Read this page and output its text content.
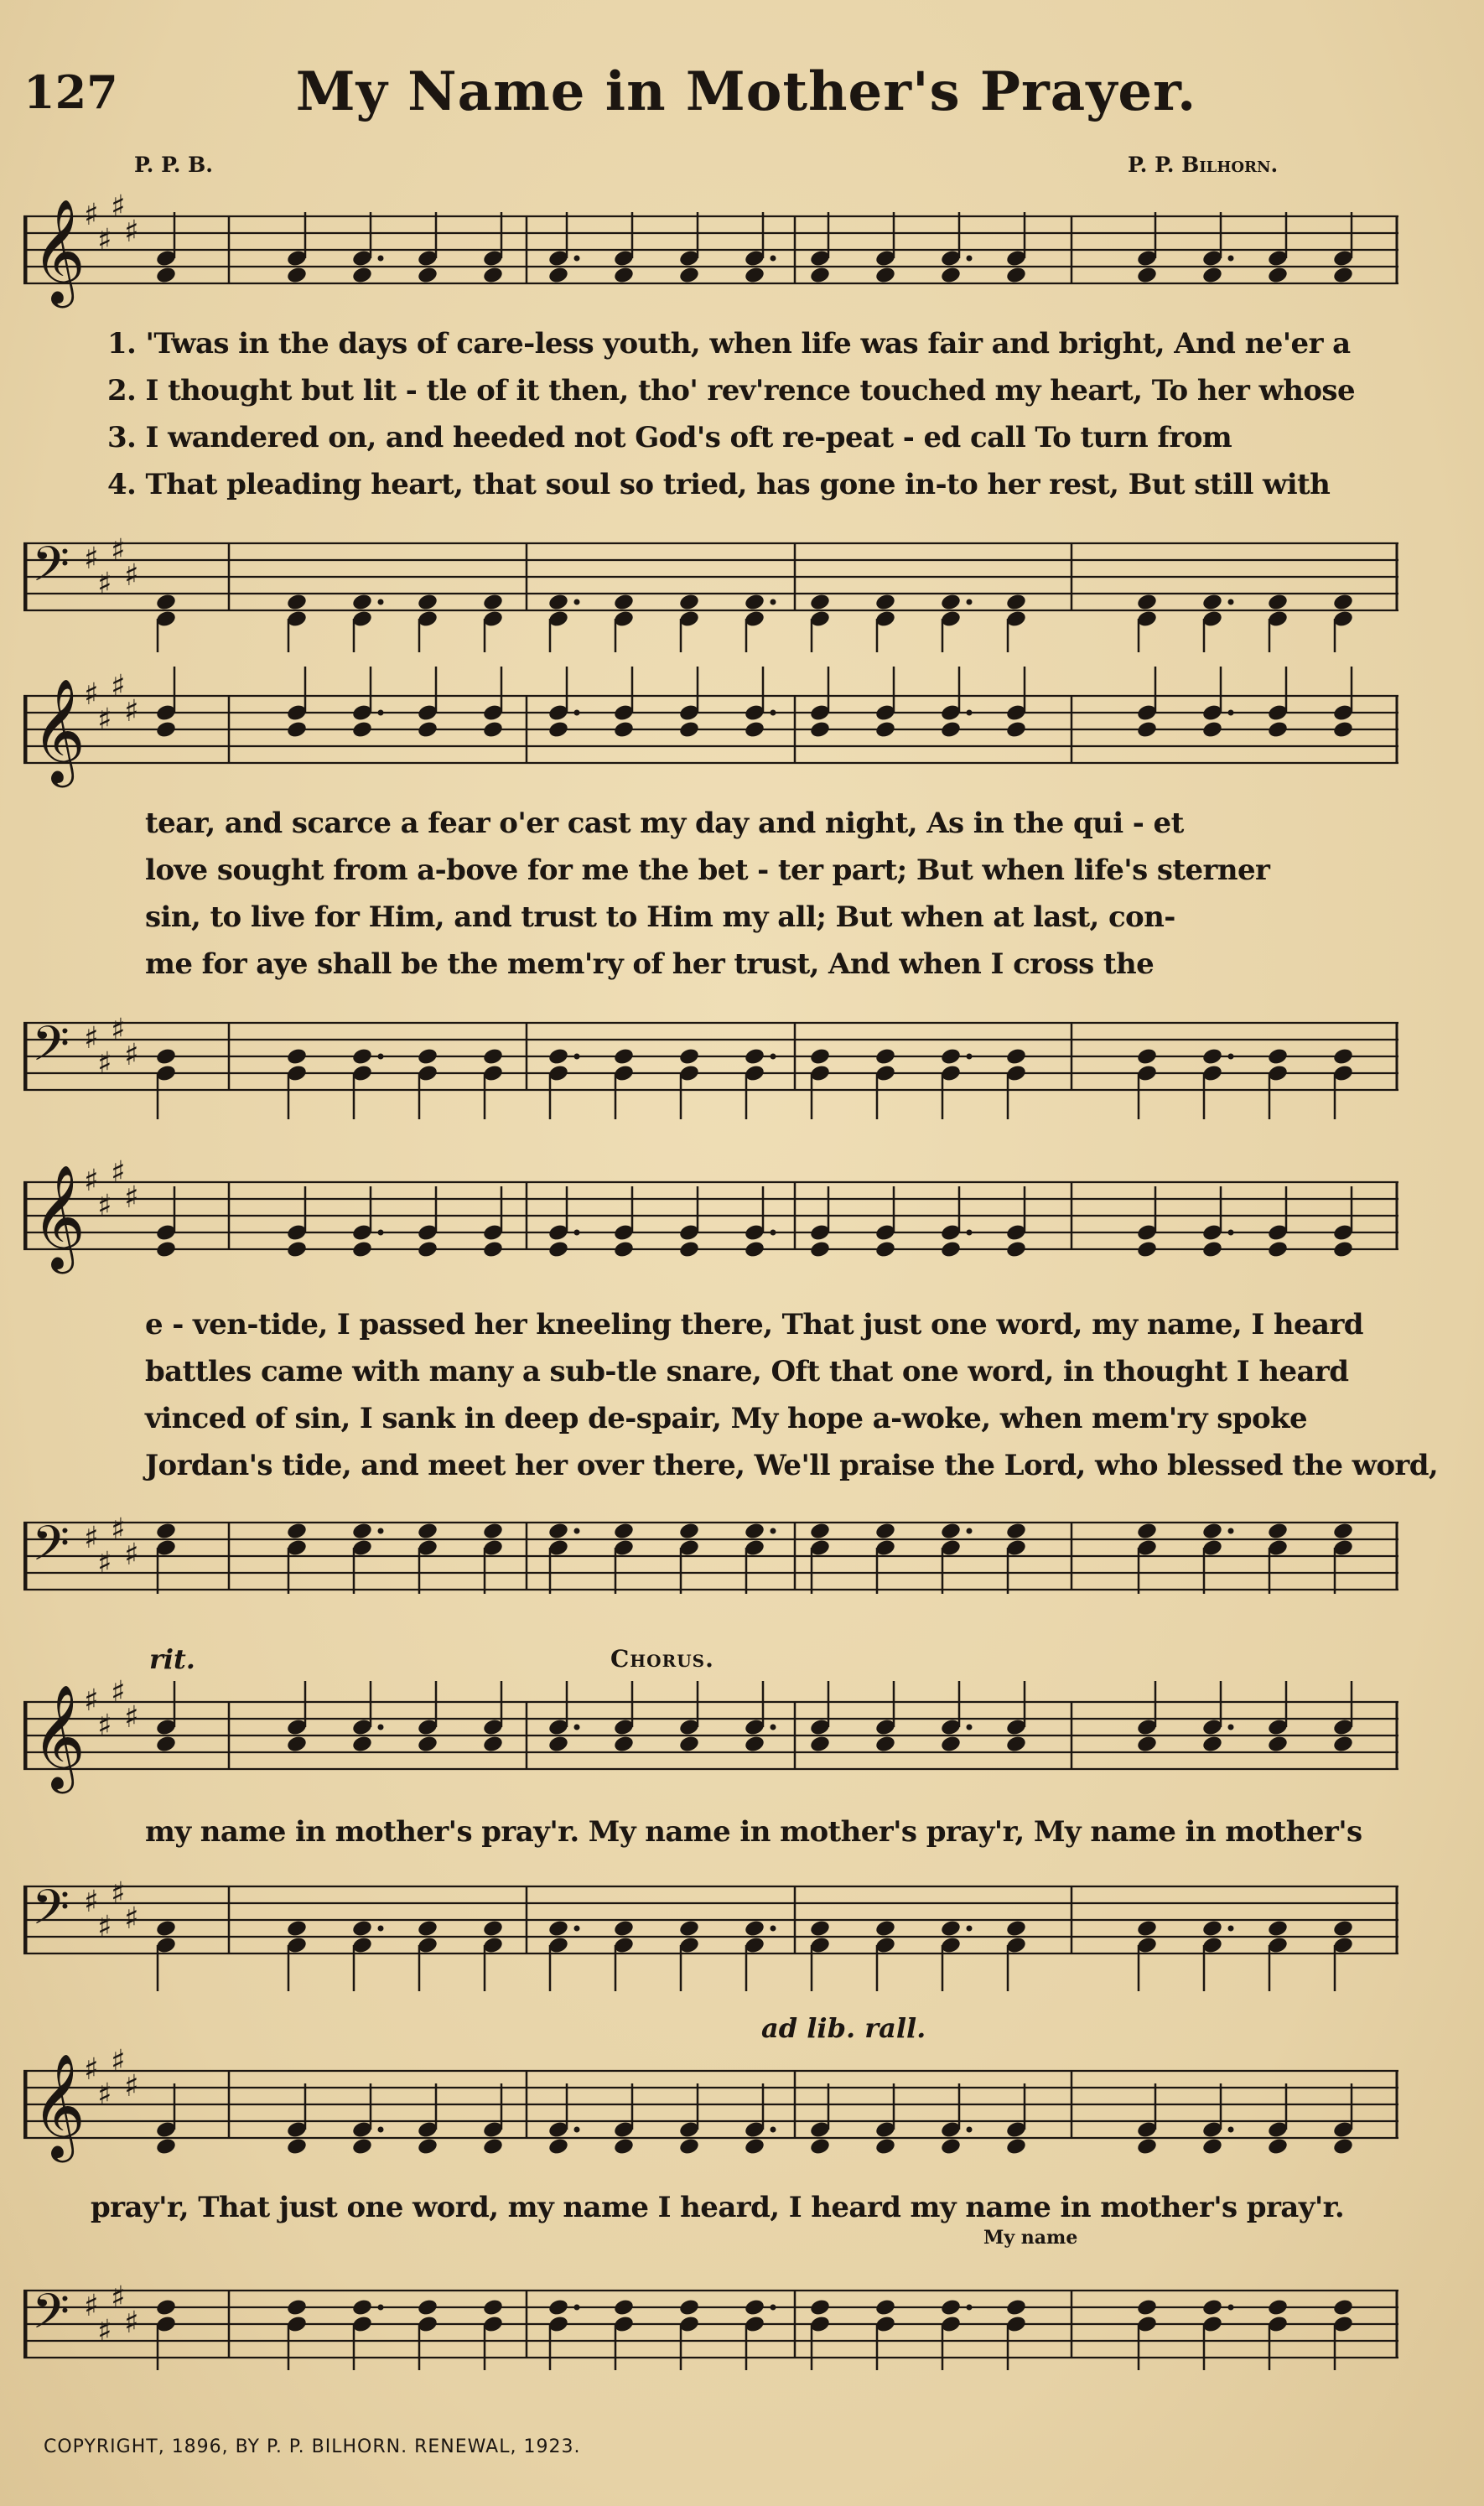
127	My Name in Mother's Prayer.
P. P. B.	P. P. Bilhorn.
𝄞
♯
♯
♯
♯
1. 'Twas in the days of care-less youth, when life was fair and bright, And ne'er a
2. I thought but lit - tle of it then, tho' rev'rence touched my heart, To her whose
3. I wandered on, and heeded not God's oft re-peat - ed call To turn from
4. That pleading heart, that soul so tried, has gone in-to her rest, But still with
𝄢 ♯
♯
♯
♯
𝄞
♯
♯
♯
♯
tear, and scarce a fear o'er cast my day and night, As in the qui - et
love sought from a-bove for me the bet - ter part; But when life's sterner
sin, to live for Him, and trust to Him my all; But when at last, con-
me for aye shall be the mem'ry of her trust, And when I cross the
𝄢 ♯
♯
♯
♯
𝄞
♯
♯
♯
♯
e - ven-tide, I passed her kneeling there, That just one word, my name, I heard
battles came with many a sub-tle snare, Oft that one word, in thought I heard
vinced of sin, I sank in deep de-spair, My hope a-woke, when mem'ry spoke
Jordan's tide, and meet her over there, We'll praise the Lord, who blessed the word,
𝄢 ♯
♯
♯
♯
rit.	Chorus.
𝄞
♯
♯
♯
♯
my name in mother's pray'r. My name in mother's pray'r, My name in mother's
𝄢 ♯
♯
♯
♯
ad lib. rall.
𝄞
♯
♯
♯
♯
pray'r, That just one word, my name I heard, I heard my name in mother's pray'r.
My name
𝄢 ♯
♯
♯
♯
COPYRIGHT, 1896, BY P. P. BILHORN. RENEWAL, 1923.
